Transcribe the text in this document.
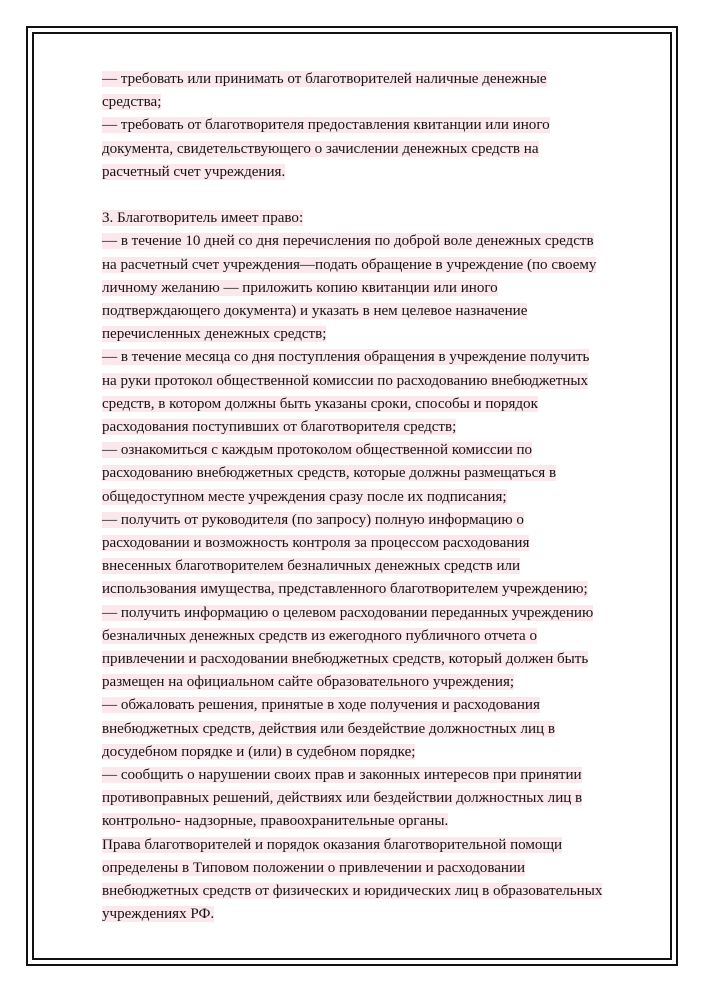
— требовать или принимать от благотворителей наличные денежные
средства;
— требовать от благотворителя предоставления квитанции или иного
документа, свидетельствующего о зачислении денежных средств на
расчетный счет учреждения.
3. Благотворитель имеет право:
— в течение 10 дней со дня перечисления по доброй воле денежных средств
на расчетный счет учреждения—подать обращение в учреждение (по своему
личному желанию — приложить копию квитанции или иного
подтверждающего документа) и указать в нем целевое назначение
перечисленных денежных средств;
— в течение месяца со дня поступления обращения в учреждение получить
на руки протокол общественной комиссии по расходованию внебюджетных
средств, в котором должны быть указаны сроки, способы и порядок
расходования поступивших от благотворителя средств;
— ознакомиться с каждым протоколом общественной комиссии по
расходованию внебюджетных средств, которые должны размещаться в
общедоступном месте учреждения сразу после их подписания;
— получить от руководителя (по запросу) полную информацию о
расходовании и возможность контроля за процессом расходования
внесенных благотворителем безналичных денежных средств или
использования имущества, представленного благотворителем учреждению;
— получить информацию о целевом расходовании переданных учреждению
безналичных денежных средств из ежегодного публичного отчета о
привлечении и расходовании внебюджетных средств, который должен быть
размещен на официальном сайте образовательного учреждения;
— обжаловать решения, принятые в ходе получения и расходования
внебюджетных средств, действия или бездействие должностных лиц в
досудебном порядке и (или) в судебном порядке;
— сообщить о нарушении своих прав и законных интересов при принятии
противоправных решений, действиях или бездействии должностных лиц в
контрольно- надзорные, правоохранительные органы.
Права благотворителей и порядок оказания благотворительной помощи
определены в Типовом положении о привлечении и расходовании
внебюджетных средств от физических и юридических лиц в образовательных
учреждениях РФ.
